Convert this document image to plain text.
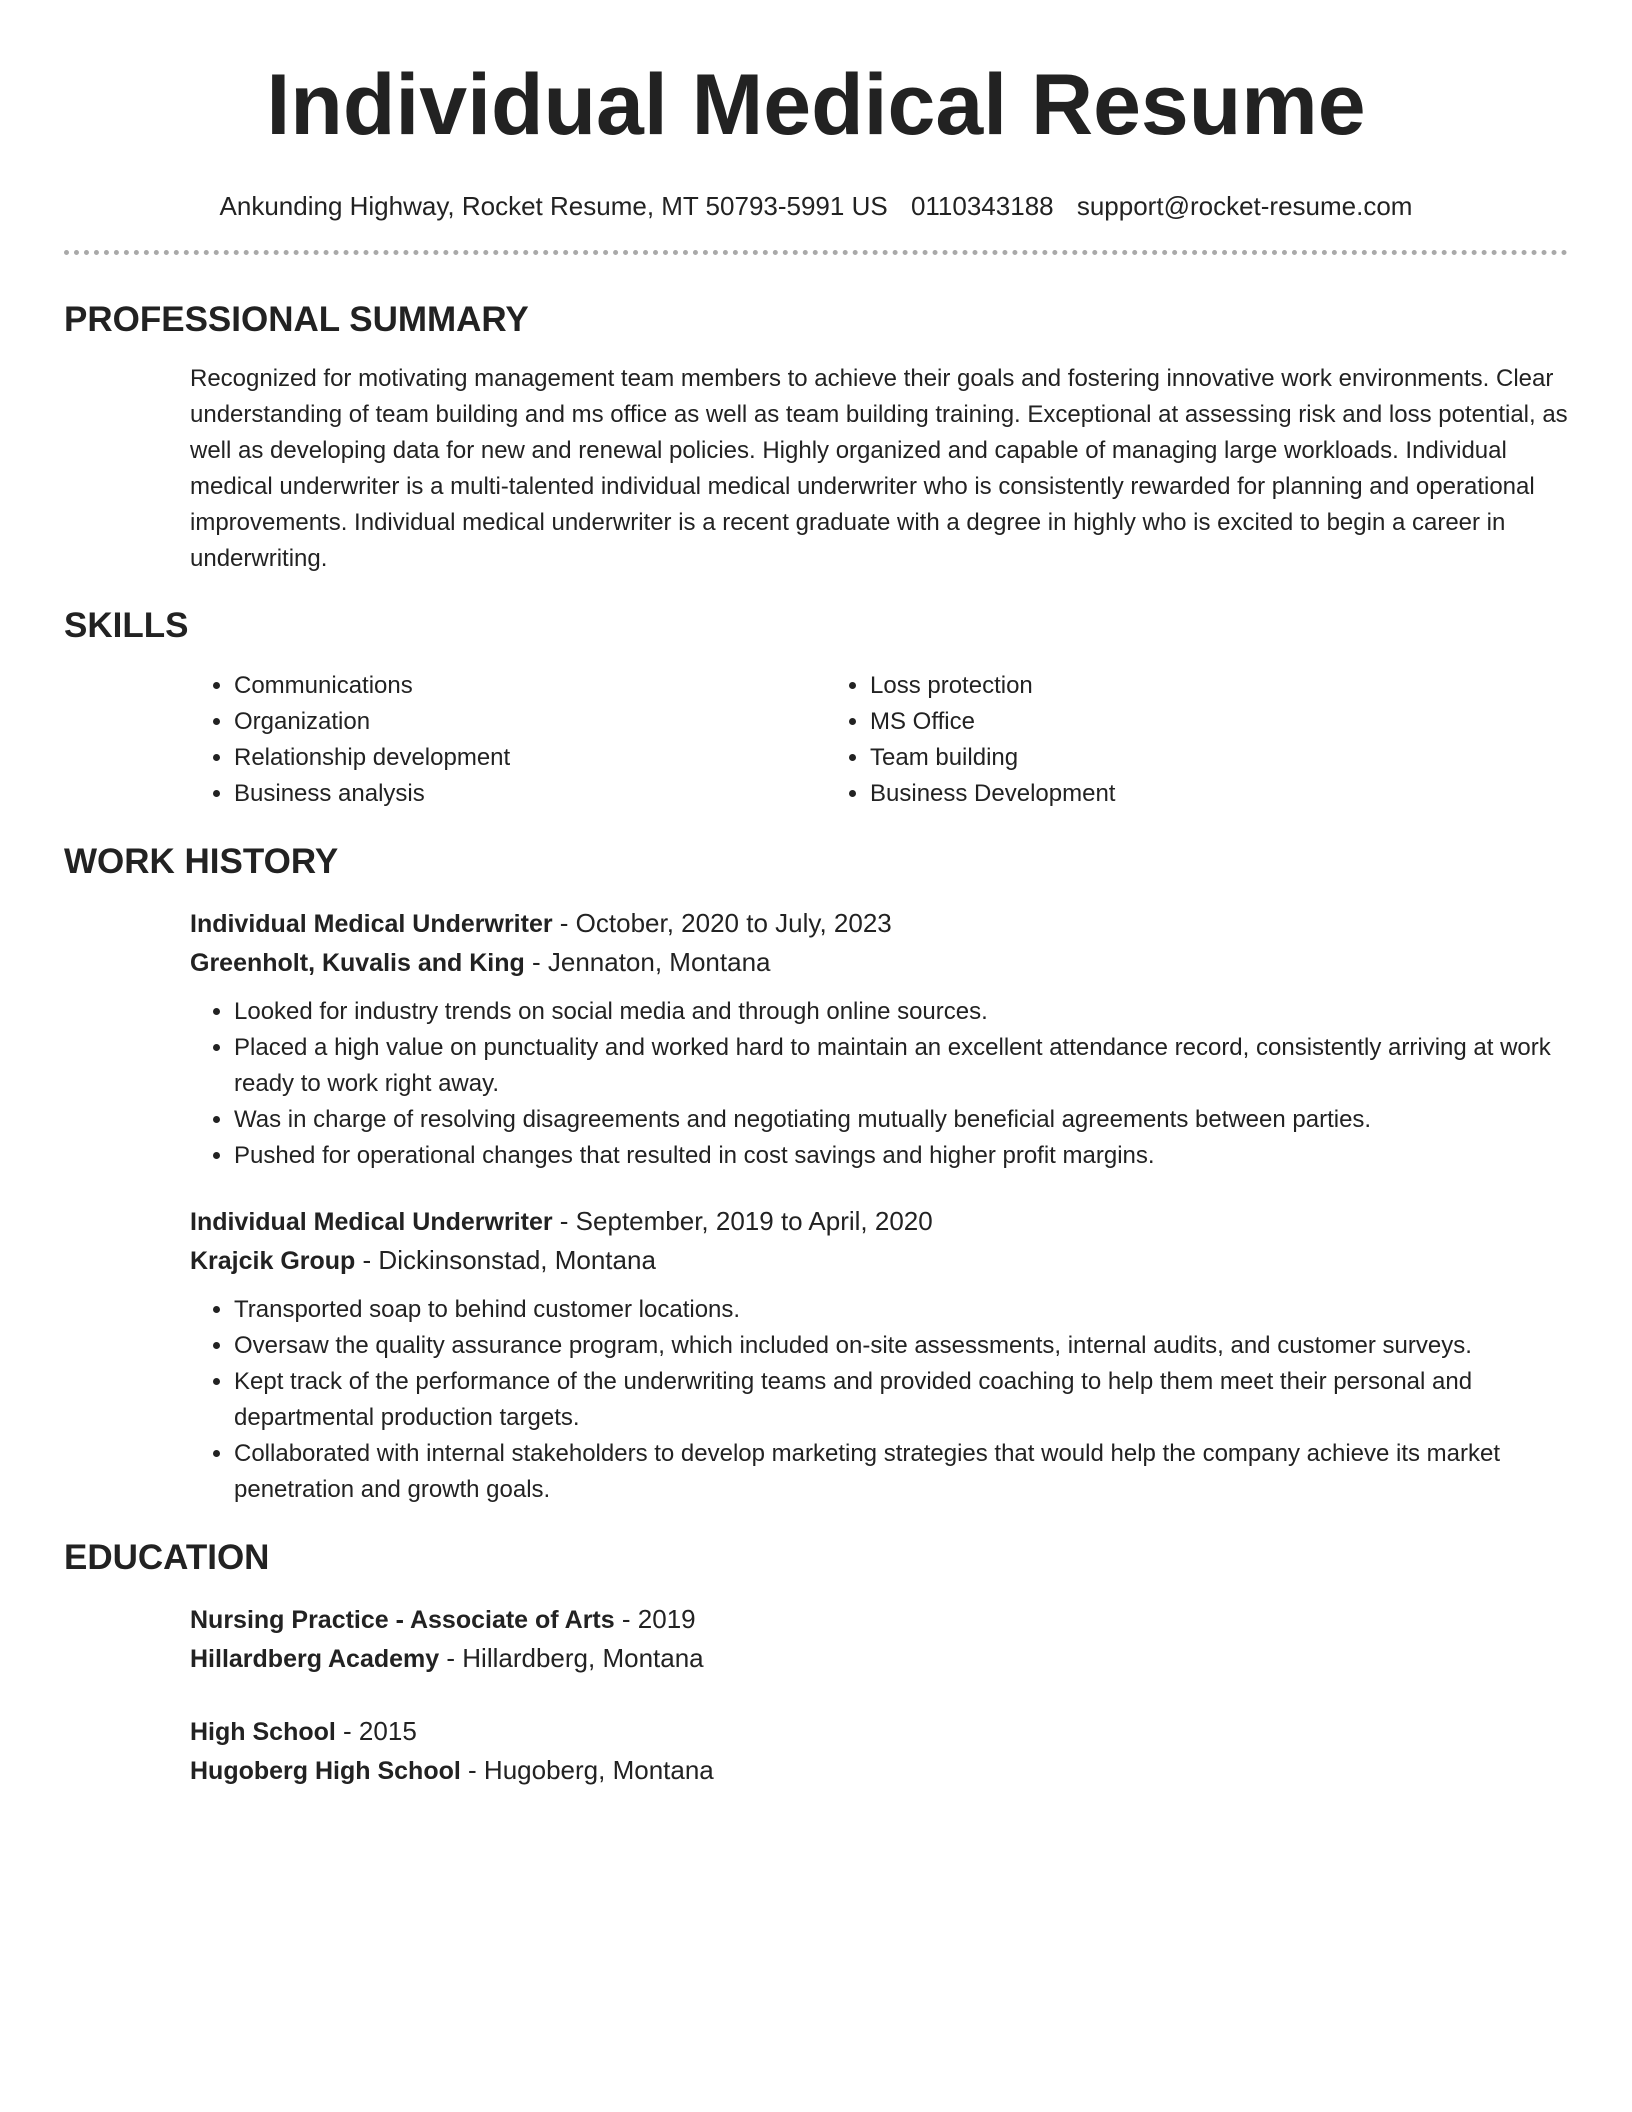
Individual Medical Resume
Ankunding Highway, Rocket Resume, MT 50793-5991 US 0110343188 support@rocket-resume.com
PROFESSIONAL SUMMARY
Recognized for motivating management team members to achieve their goals and fostering innovative work environments. Clear understanding of team building and ms office as well as team building training. Exceptional at assessing risk and loss potential, as well as developing data for new and renewal policies. Highly organized and capable of managing large workloads. Individual medical underwriter is a multi-talented individual medical underwriter who is consistently rewarded for planning and operational improvements. Individual medical underwriter is a recent graduate with a degree in highly who is excited to begin a career in underwriting.
SKILLS
• Communications
• Organization
• Relationship development
• Business analysis
• Loss protection
• MS Office
• Team building
• Business Development
WORK HISTORY
Individual Medical Underwriter - October, 2020 to July, 2023
Greenholt, Kuvalis and King - Jennaton, Montana
• Looked for industry trends on social media and through online sources.
• Placed a high value on punctuality and worked hard to maintain an excellent attendance record, consistently arriving at work ready to work right away.
• Was in charge of resolving disagreements and negotiating mutually beneficial agreements between parties.
• Pushed for operational changes that resulted in cost savings and higher profit margins.
Individual Medical Underwriter - September, 2019 to April, 2020
Krajcik Group - Dickinsonstad, Montana
• Transported soap to behind customer locations.
• Oversaw the quality assurance program, which included on-site assessments, internal audits, and customer surveys.
• Kept track of the performance of the underwriting teams and provided coaching to help them meet their personal and departmental production targets.
• Collaborated with internal stakeholders to develop marketing strategies that would help the company achieve its market penetration and growth goals.
EDUCATION
Nursing Practice - Associate of Arts - 2019
Hillardberg Academy - Hillardberg, Montana
High School - 2015
Hugoberg High School - Hugoberg, Montana
